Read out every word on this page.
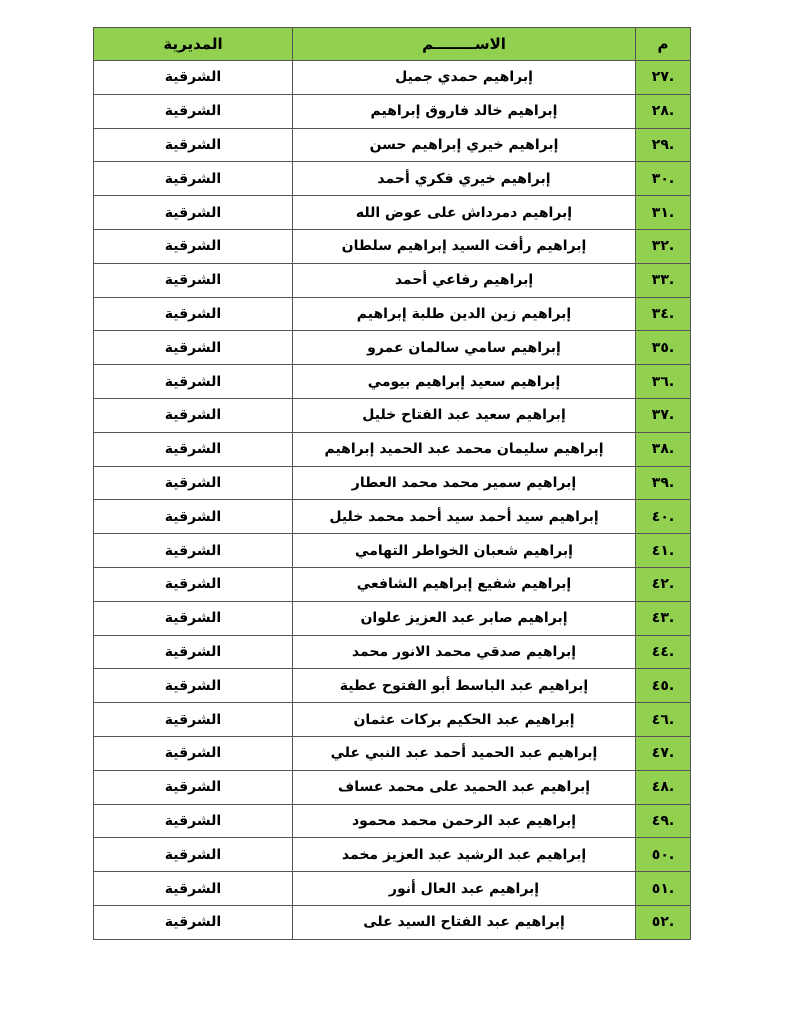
م	الاســــــــم	المديرية
.٢٧	إبراهيم حمدي جميل	الشرقية
.٢٨	إبراهيم خالد فاروق إبراهيم	الشرقية
.٢٩	إبراهيم خيري إبراهيم حسن	الشرقية
.٣٠	إبراهيم خيري فكري أحمد	الشرقية
.٣١	إبراهيم دمرداش على عوض الله	الشرقية
.٣٢	إبراهيم رأفت السيد إبراهيم سلطان	الشرقية
.٣٣	إبراهيم رفاعي أحمد	الشرقية
.٣٤	إبراهيم زين الدين طلبة إبراهيم	الشرقية
.٣٥	إبراهيم سامي سالمان عمرو	الشرقية
.٣٦	إبراهيم سعيد إبراهيم بيومي	الشرقية
.٣٧	إبراهيم سعيد عبد الفتاح خليل	الشرقية
.٣٨	إبراهيم سليمان محمد عبد الحميد إبراهيم	الشرقية
.٣٩	إبراهيم سمير محمد محمد العطار	الشرقية
.٤٠	إبراهيم سيد أحمد سيد أحمد محمد خليل	الشرقية
.٤١	إبراهيم شعبان الخواطر التهامي	الشرقية
.٤٢	إبراهيم شفيع إبراهيم الشافعي	الشرقية
.٤٣	إبراهيم صابر عبد العزيز علوان	الشرقية
.٤٤	إبراهيم صدقي محمد الانور محمد	الشرقية
.٤٥	إبراهيم عبد الباسط أبو الفتوح عطية	الشرقية
.٤٦	إبراهيم عبد الحكيم بركات عثمان	الشرقية
.٤٧	إبراهيم عبد الحميد أحمد عبد النبي علي	الشرقية
.٤٨	إبراهيم عبد الحميد على محمد عساف	الشرقية
.٤٩	إبراهيم عبد الرحمن محمد محمود	الشرقية
.٥٠	إبراهيم عبد الرشيد عبد العزيز مخمد	الشرقية
.٥١	إبراهيم عبد العال أنور	الشرقية
.٥٢	إبراهيم عبد الفتاح السيد على	الشرقية
